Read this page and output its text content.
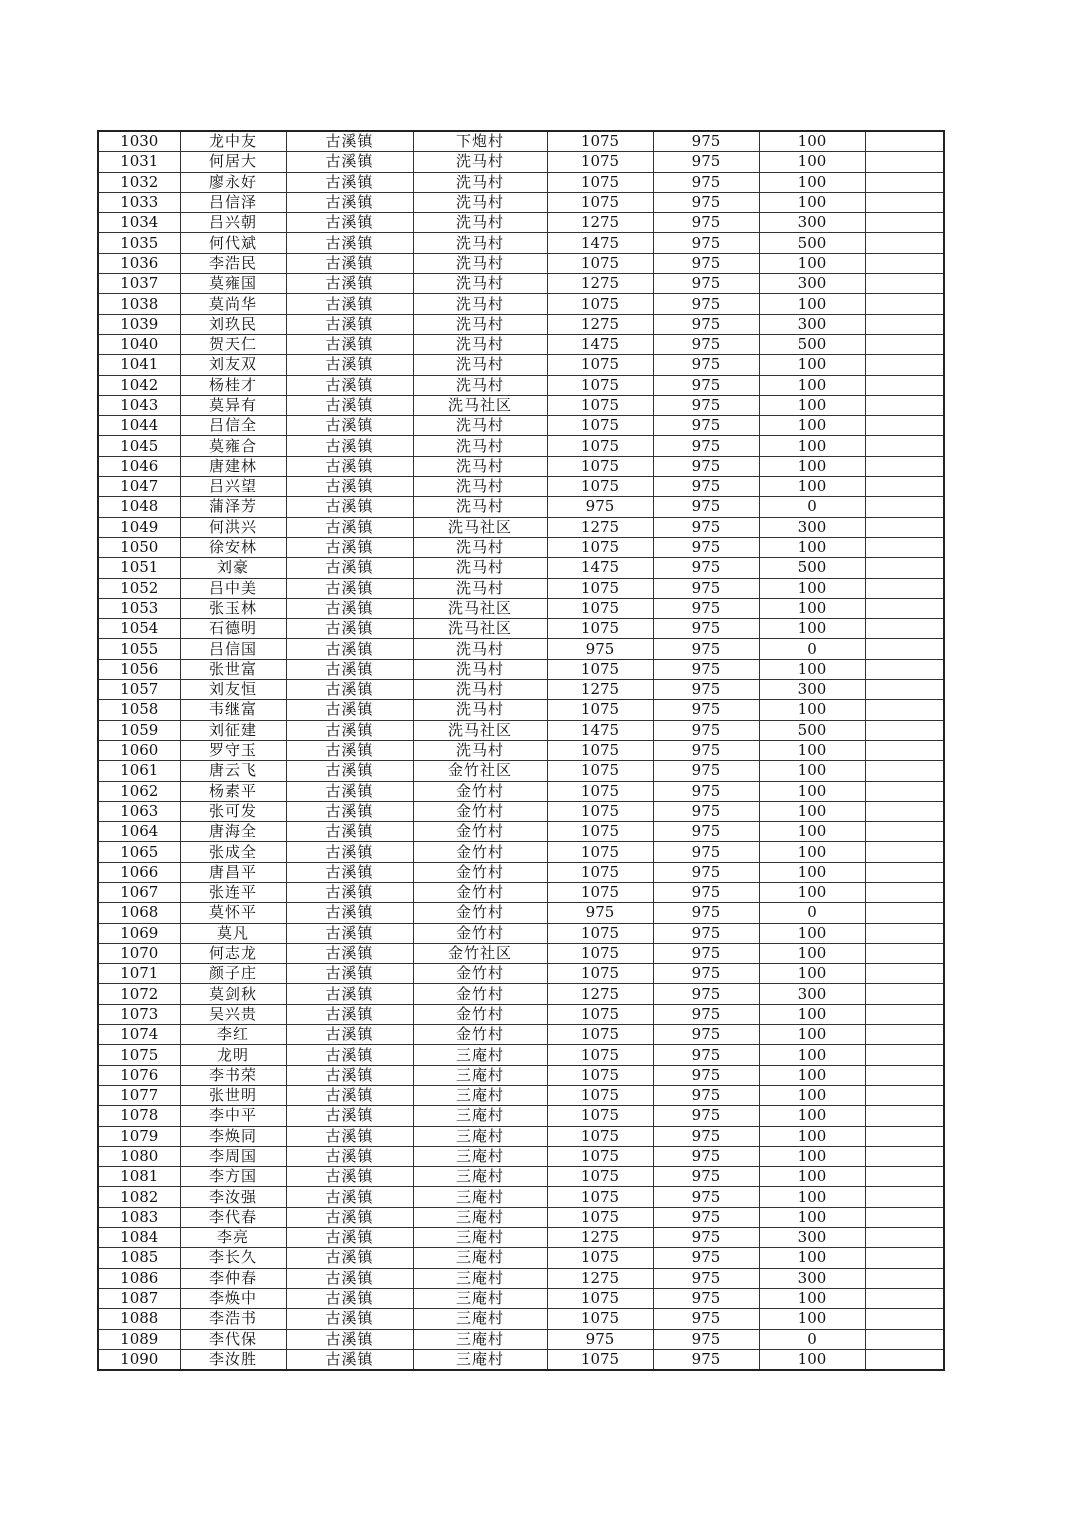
1030	龙中友	古溪镇	下炮村	1075	975	100	
1031	何居大	古溪镇	洗马村	1075	975	100	
1032	廖永好	古溪镇	洗马村	1075	975	100	
1033	吕信泽	古溪镇	洗马村	1075	975	100	
1034	吕兴朝	古溪镇	洗马村	1275	975	300	
1035	何代斌	古溪镇	洗马村	1475	975	500	
1036	李浩民	古溪镇	洗马村	1075	975	100	
1037	莫雍国	古溪镇	洗马村	1275	975	300	
1038	莫尚华	古溪镇	洗马村	1075	975	100	
1039	刘玖民	古溪镇	洗马村	1275	975	300	
1040	贺天仁	古溪镇	洗马村	1475	975	500	
1041	刘友双	古溪镇	洗马村	1075	975	100	
1042	杨桂才	古溪镇	洗马村	1075	975	100	
1043	莫异有	古溪镇	洗马社区	1075	975	100	
1044	吕信全	古溪镇	洗马村	1075	975	100	
1045	莫雍合	古溪镇	洗马村	1075	975	100	
1046	唐建林	古溪镇	洗马村	1075	975	100	
1047	吕兴望	古溪镇	洗马村	1075	975	100	
1048	蒲泽芳	古溪镇	洗马村	975	975	0	
1049	何洪兴	古溪镇	洗马社区	1275	975	300	
1050	徐安林	古溪镇	洗马村	1075	975	100	
1051	刘豪	古溪镇	洗马村	1475	975	500	
1052	吕中美	古溪镇	洗马村	1075	975	100	
1053	张玉林	古溪镇	洗马社区	1075	975	100	
1054	石德明	古溪镇	洗马社区	1075	975	100	
1055	吕信国	古溪镇	洗马村	975	975	0	
1056	张世富	古溪镇	洗马村	1075	975	100	
1057	刘友恒	古溪镇	洗马村	1275	975	300	
1058	韦继富	古溪镇	洗马村	1075	975	100	
1059	刘征建	古溪镇	洗马社区	1475	975	500	
1060	罗守玉	古溪镇	洗马村	1075	975	100	
1061	唐云飞	古溪镇	金竹社区	1075	975	100	
1062	杨素平	古溪镇	金竹村	1075	975	100	
1063	张可发	古溪镇	金竹村	1075	975	100	
1064	唐海全	古溪镇	金竹村	1075	975	100	
1065	张成全	古溪镇	金竹村	1075	975	100	
1066	唐昌平	古溪镇	金竹村	1075	975	100	
1067	张连平	古溪镇	金竹村	1075	975	100	
1068	莫怀平	古溪镇	金竹村	975	975	0	
1069	莫凡	古溪镇	金竹村	1075	975	100	
1070	何志龙	古溪镇	金竹社区	1075	975	100	
1071	颜子庄	古溪镇	金竹村	1075	975	100	
1072	莫剑秋	古溪镇	金竹村	1275	975	300	
1073	吴兴贵	古溪镇	金竹村	1075	975	100	
1074	李红	古溪镇	金竹村	1075	975	100	
1075	龙明	古溪镇	三庵村	1075	975	100	
1076	李书荣	古溪镇	三庵村	1075	975	100	
1077	张世明	古溪镇	三庵村	1075	975	100	
1078	李中平	古溪镇	三庵村	1075	975	100	
1079	李焕同	古溪镇	三庵村	1075	975	100	
1080	李周国	古溪镇	三庵村	1075	975	100	
1081	李方国	古溪镇	三庵村	1075	975	100	
1082	李汝强	古溪镇	三庵村	1075	975	100	
1083	李代春	古溪镇	三庵村	1075	975	100	
1084	李亮	古溪镇	三庵村	1275	975	300	
1085	李长久	古溪镇	三庵村	1075	975	100	
1086	李仲春	古溪镇	三庵村	1275	975	300	
1087	李焕中	古溪镇	三庵村	1075	975	100	
1088	李浩书	古溪镇	三庵村	1075	975	100	
1089	李代保	古溪镇	三庵村	975	975	0	
1090	李汝胜	古溪镇	三庵村	1075	975	100	
